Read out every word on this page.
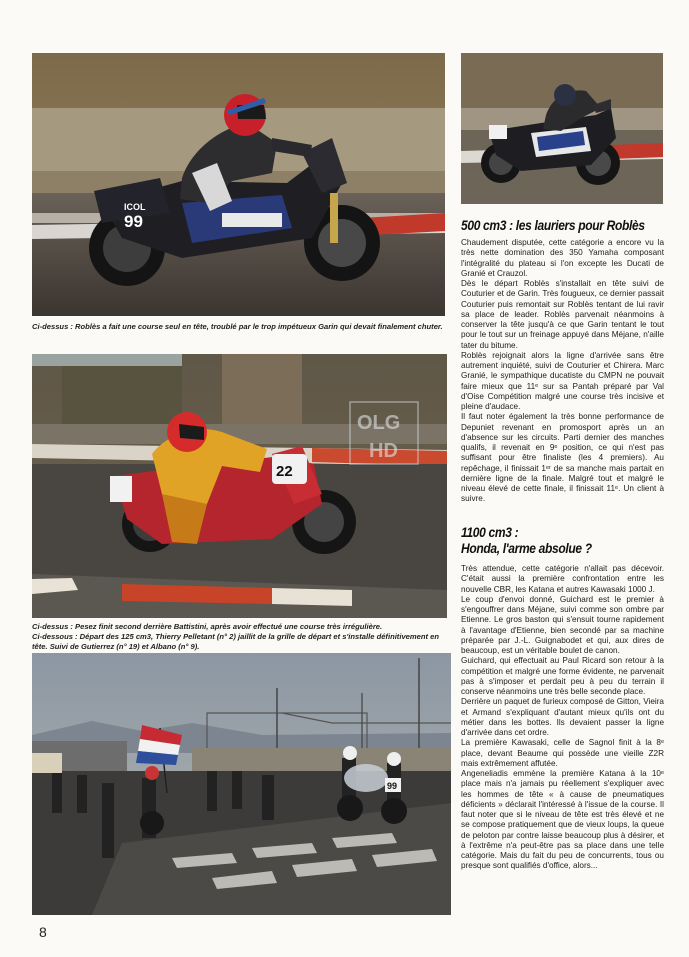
ICOL
99

Ci-dessus : Roblès a fait une course seul en tête, troublé par le trop impétueux Garin qui devait finalement chuter.

22
OLG
HD

Ci-dessus : Pesez finit second derrière Battistini, après avoir effectué une course très irrégulière.

Ci-dessous : Départ des 125 cm3, Thierry Pelletant (n° 2) jaillit de la grille de départ et s'installe définitivement en tête. Suivi de Gutierrez (n° 19) et Albano (n° 9).

99
500 cm3 : les lauriers pour Roblès

Chaudement disputée, cette catégorie a encore vu la très nette domination des 350 Yamaha composant l'intégralité du plateau si l'on excepte les Ducati de Granié et Crauzol.

Dès le départ Roblès s'installait en tête suivi de Couturier et de Garin. Très fougueux, ce dernier passait Couturier puis remontait sur Roblès tentant de lui ravir sa place de leader. Roblès parvenait néanmoins à conserver la tête jusqu'à ce que Garin tentant le tout pour le tout sur un freinage appuyé dans Méjane, n'aille tater du bitume.

Roblès rejoignait alors la ligne d'arrivée sans être autrement inquiété, suivi de Couturier et Chirera. Marc Granié, le sympathique ducatiste du CMPN ne pouvait faire mieux que 11ᵉ sur sa Pantah préparé par Val d'Oise Compétition malgré une course très incisive et pleine d'audace.

Il faut noter également la très bonne performance de Depuniet revenant en promosport après un an d'absence sur les circuits. Parti dernier des manches qualifs, il revenait en 9ᵉ position, ce qui n'est pas suffisant pour être finaliste (les 4 premiers). Au repêchage, il finissait 1ᵉʳ de sa manche mais partait en dernière ligne de la finale. Malgré tout et malgré le niveau élevé de cette finale, il finissait 11ᵉ. Un client à suivre.

1100 cm3 :
Honda, l'arme absolue ?

Très attendue, cette catégorie n'allait pas décevoir. C'était aussi la première confrontation entre les nouvelle CBR, les Katana et autres Kawasaki 1000 J.

Le coup d'envoi donné, Guichard est le premier à s'engouffrer dans Méjane, suivi comme son ombre par Etienne. Le gros baston qui s'ensuit tourne rapidement à l'avantage d'Etienne, bien secondé par sa machine préparée par J.-L. Guignabodet et qui, aux dires de beaucoup, est un véritable boulet de canon.

Guichard, qui effectuait au Paul Ricard son retour à la compétition et malgré une forme évidente, ne parvenait pas à s'imposer et perdait peu à peu du terrain il conserve néanmoins une très belle seconde place.

Derrière un paquet de furieux composé de Gitton, Vieira et Armand s'expliquant d'autant mieux qu'ils ont du métier dans les bottes. Ils devaient passer la ligne d'arrivée dans cet ordre.

La première Kawasaki, celle de Sagnol finit à la 8ᵉ place, devant Beaume qui possède une vieille Z2R mais extrêmement affutée.

Angeneliadis emmène la première Katana à la 10ᵉ place mais n'a jamais pu réellement s'expliquer avec les hommes de tête « à cause de pneumatiques déficients » déclarait l'intéressé à l'issue de la course. Il faut noter que si le niveau de tête est très élevé et ne se compose pratiquement que de vieux loups, la queue de peloton par contre laisse beaucoup plus à désirer, et à l'extrême n'a peut-être pas sa place dans une telle catégorie. Mais du fait du peu de concurrents, tous ou presque sont qualifiés d'office, alors...

8
